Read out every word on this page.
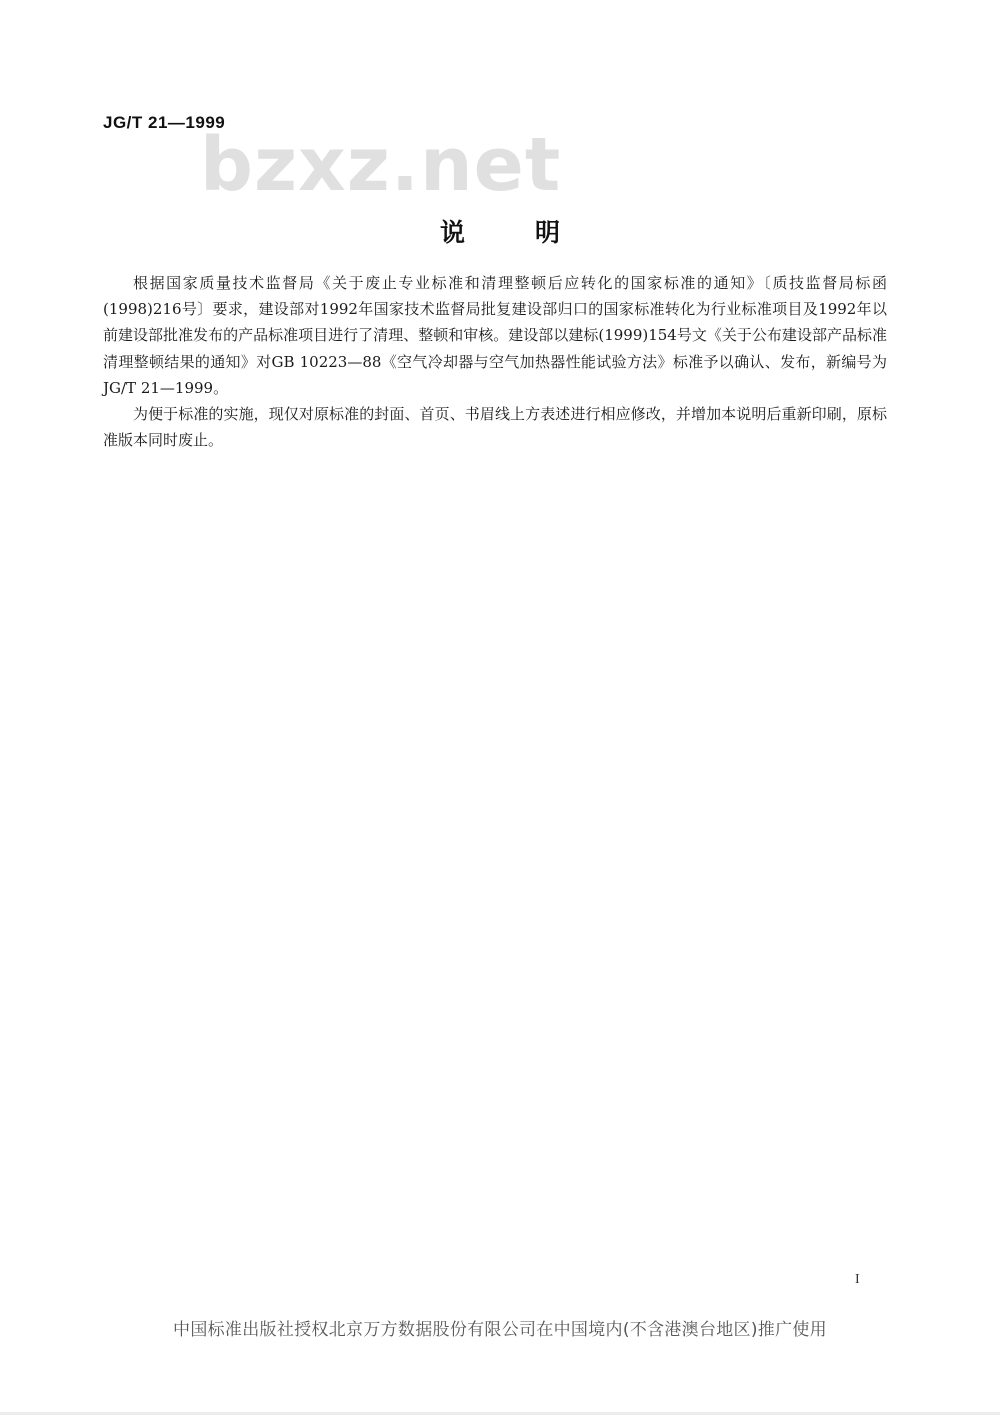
JG/T 21—1999
bzxz.net
说明

根据国家质量技术监督局《关于废止专业标准和清理整顿后应转化的国家标准的通知》〔质技监督局标函(1998)216号〕要求，建设部对1992年国家技术监督局批复建设部归口的国家标准转化为行业标准项目及1992年以前建设部批准发布的产品标准项目进行了清理、整顿和审核。建设部以建标(1999)154号文《关于公布建设部产品标准清理整顿结果的通知》对GB 10223—88《空气冷却器与空气加热器性能试验方法》标准予以确认、发布，新编号为JG/T 21—1999。

为便于标准的实施，现仅对原标准的封面、首页、书眉线上方表述进行相应修改，并增加本说明后重新印刷，原标准版本同时废止。

I
中国标准出版社授权北京万方数据股份有限公司在中国境内(不含港澳台地区)推广使用
